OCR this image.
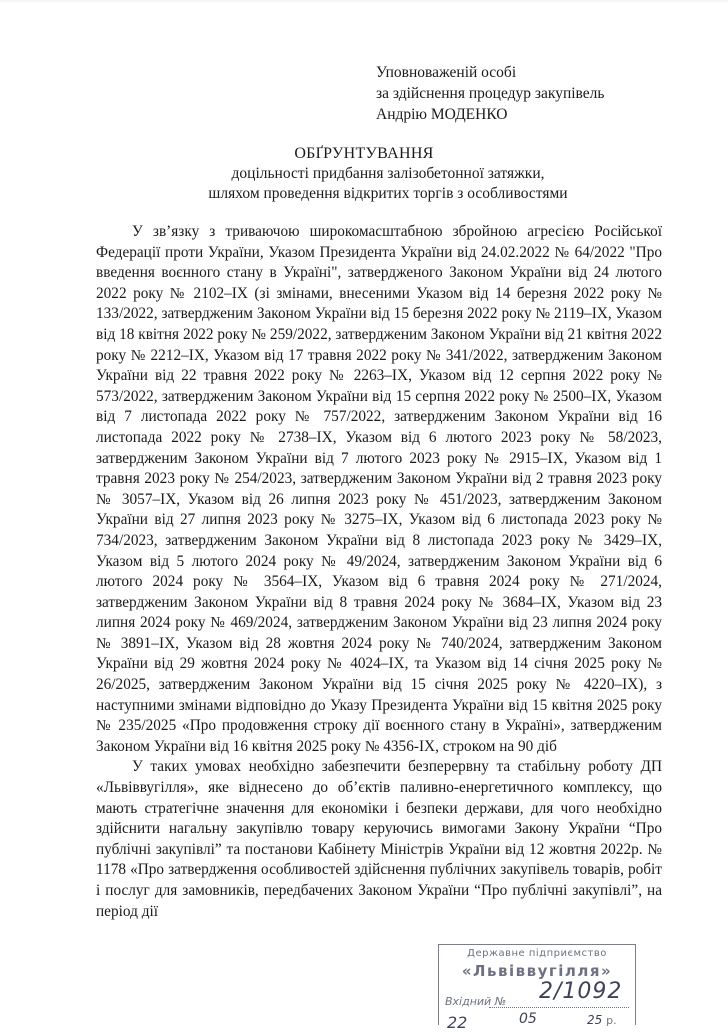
Уповноваженій особі
за здійснення процедур закупівель
Андрію МОДЕНКО
ОБҐРУНТУВАННЯ
доцільності придбання залізобетонної затяжки,
шляхом проведення відкритих торгів з особливостями

У зв’язку з триваючою широкомасштабною збройною агресією Російської Федерації проти України, Указом Президента України від 24.02.2022 № 64/2022 "Про введення воєнного стану в Україні", затвердженого Законом України від 24 лютого 2022 року № 2102–IX (зі змінами, внесеними Указом від 14 березня 2022 року № 133/2022, затвердженим Законом України від 15 березня 2022 року № 2119–IX, Указом від 18 квітня 2022 року № 259/2022, затвердженим Законом України від 21 квітня 2022 року № 2212–IX, Указом від 17 травня 2022 року № 341/2022, затвердженим Законом України від 22 травня 2022 року № 2263–IX, Указом від 12 серпня 2022 року № 573/2022, затвердженим Законом України від 15 серпня 2022 року № 2500–IX, Указом від 7 листопада 2022 року № 757/2022, затвердженим Законом України від 16 листопада 2022 року № 2738–IX, Указом від 6 лютого 2023 року № 58/2023, затвердженим Законом України від 7 лютого 2023 року № 2915–IX, Указом від 1 травня 2023 року № 254/2023, затвердженим Законом України від 2 травня 2023 року № 3057–IX, Указом від 26 липня 2023 року № 451/2023, затвердженим Законом України від 27 липня 2023 року № 3275–IX, Указом від 6 листопада 2023 року № 734/2023, затвердженим Законом України від 8 листопада 2023 року № 3429–IX, Указом від 5 лютого 2024 року № 49/2024, затвердженим Законом України від 6 лютого 2024 року № 3564–IX, Указом від 6 травня 2024 року № 271/2024, затвердженим Законом України від 8 травня 2024 року № 3684–IX, Указом від 23 липня 2024 року № 469/2024, затвердженим Законом України від 23 липня 2024 року № 3891–IX, Указом від 28 жовтня 2024 року № 740/2024, затвердженим Законом України від 29 жовтня 2024 року № 4024–IX, та Указом від 14 січня 2025 року № 26/2025, затвердженим Законом України від 15 січня 2025 року № 4220–IX), з наступними змінами відповідно до Указу Президента України від 15 квітня 2025 року № 235/2025 «Про продовження строку дії воєнного стану в Україні», затвердженим Законом України від 16 квітня 2025 року № 4356-IX, строком на 90 діб

У таких умовах необхідно забезпечити безперервну та стабільну роботу ДП «Львіввугілля», яке віднесено до об’єктів паливно-енергетичного комплексу, що мають стратегічне значення для економіки і безпеки держави, для чого необхідно здійснити нагальну закупівлю товару керуючись вимогами Закону України “Про публічні закупівлі” та постанови Кабінету Міністрів України від 12 жовтня 2022р. № 1178 «Про затвердження особливостей здійснення публічних закупівель товарів, робіт і послуг для замовників, передбачених Законом України “Про публічні закупівлі”, на період дії

Державне підприємство
«Львіввугілля»
Вхідний № 2/1092
22	05	25 р.
